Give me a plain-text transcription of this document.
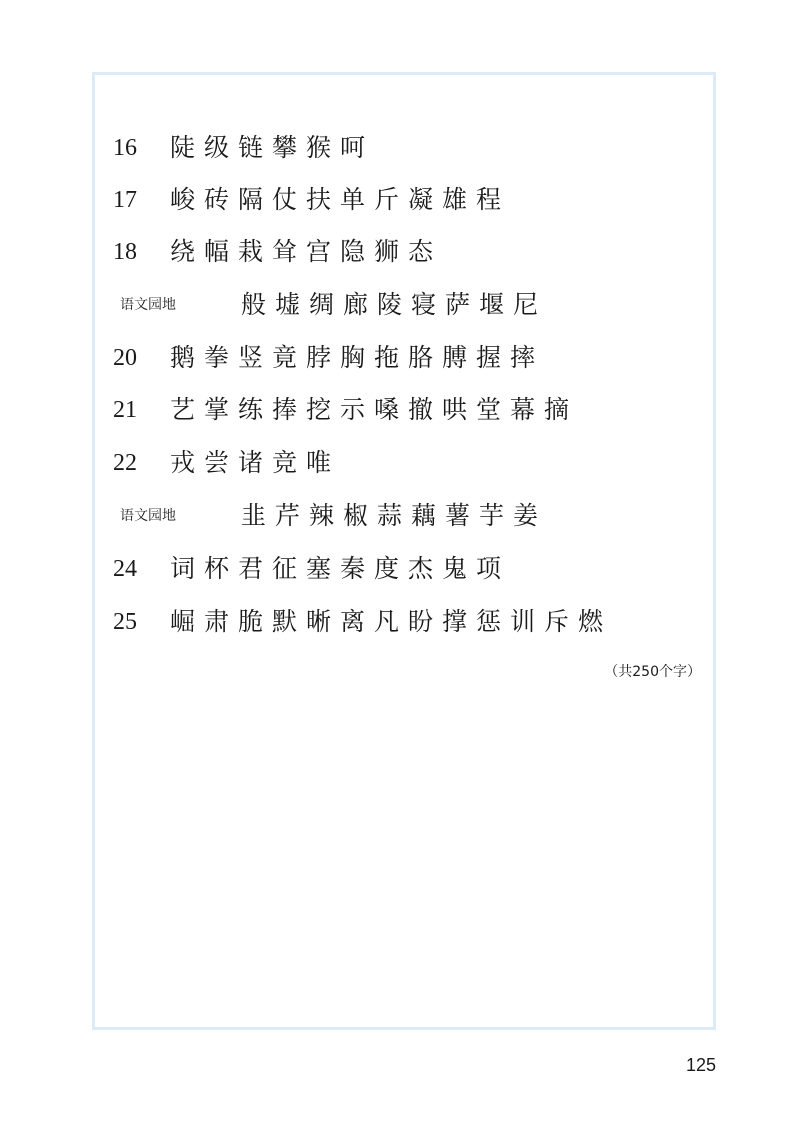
16	陡级链攀猴呵
17	峻砖隔仗扶单斤凝雄程
18	绕幅栽耸宫隐狮态
语文园地	般墟绸廊陵寝萨堰尼
20	鹅拳竖竟脖胸拖胳膊握摔
21	艺掌练捧挖示嗓撤哄堂幕摘
22	戎尝诸竞唯
语文园地	韭芹辣椒蒜藕薯芋姜
24	词杯君征塞秦度杰鬼项
25	崛肃脆默晰离凡盼撑惩训斥燃
（共250个字）
125
